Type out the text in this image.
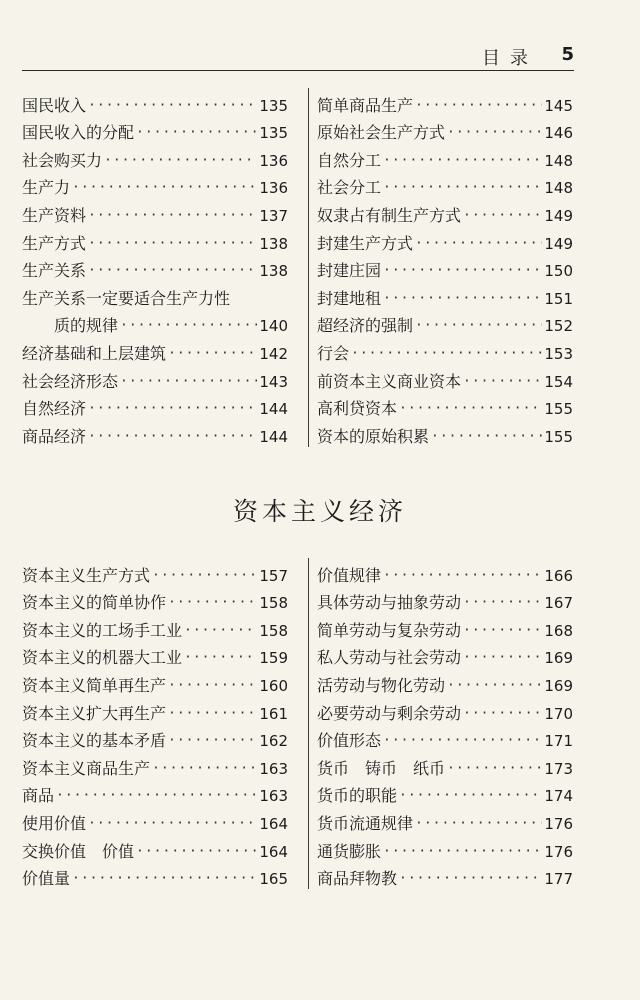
目录 5
国民收入 ·····	135
国民收入的分配 ·····	135
社会购买力 ·····	136
生产力 ·····	136
生产资料 ·····	137
生产方式 ·····	138
生产关系 ·····	138
生产关系一定要适合生产力性
质的规律 ·····	140
经济基础和上层建筑 ·····	142
社会经济形态 ·····	143
自然经济 ·····	144
商品经济 ·····	144
简单商品生产 ·····	145
原始社会生产方式 ·····	146
自然分工 ·····	148
社会分工 ·····	148
奴隶占有制生产方式 ·····	149
封建生产方式 ·····	149
封建庄园 ·····	150
封建地租 ·····	151
超经济的强制 ·····	152
行会 ·····	153
前资本主义商业资本 ·····	154
高利贷资本 ·····	155
资本的原始积累 ·····	155
资本主义经济
资本主义生产方式 ·····	157
资本主义的简单协作 ·····	158
资本主义的工场手工业 ·····	158
资本主义的机器大工业 ·····	159
资本主义简单再生产 ·····	160
资本主义扩大再生产 ·····	161
资本主义的基本矛盾 ·····	162
资本主义商品生产 ·····	163
商品 ·····	163
使用价值 ·····	164
交换价值　价值 ·····	164
价值量 ·····	165
价值规律 ·····	166
具体劳动与抽象劳动 ·····	167
简单劳动与复杂劳动 ·····	168
私人劳动与社会劳动 ·····	169
活劳动与物化劳动 ·····	169
必要劳动与剩余劳动 ·····	170
价值形态 ·····	171
货币　铸币　纸币 ·····	173
货币的职能 ·····	174
货币流通规律 ·····	176
通货膨胀 ·····	176
商品拜物教 ·····	177
